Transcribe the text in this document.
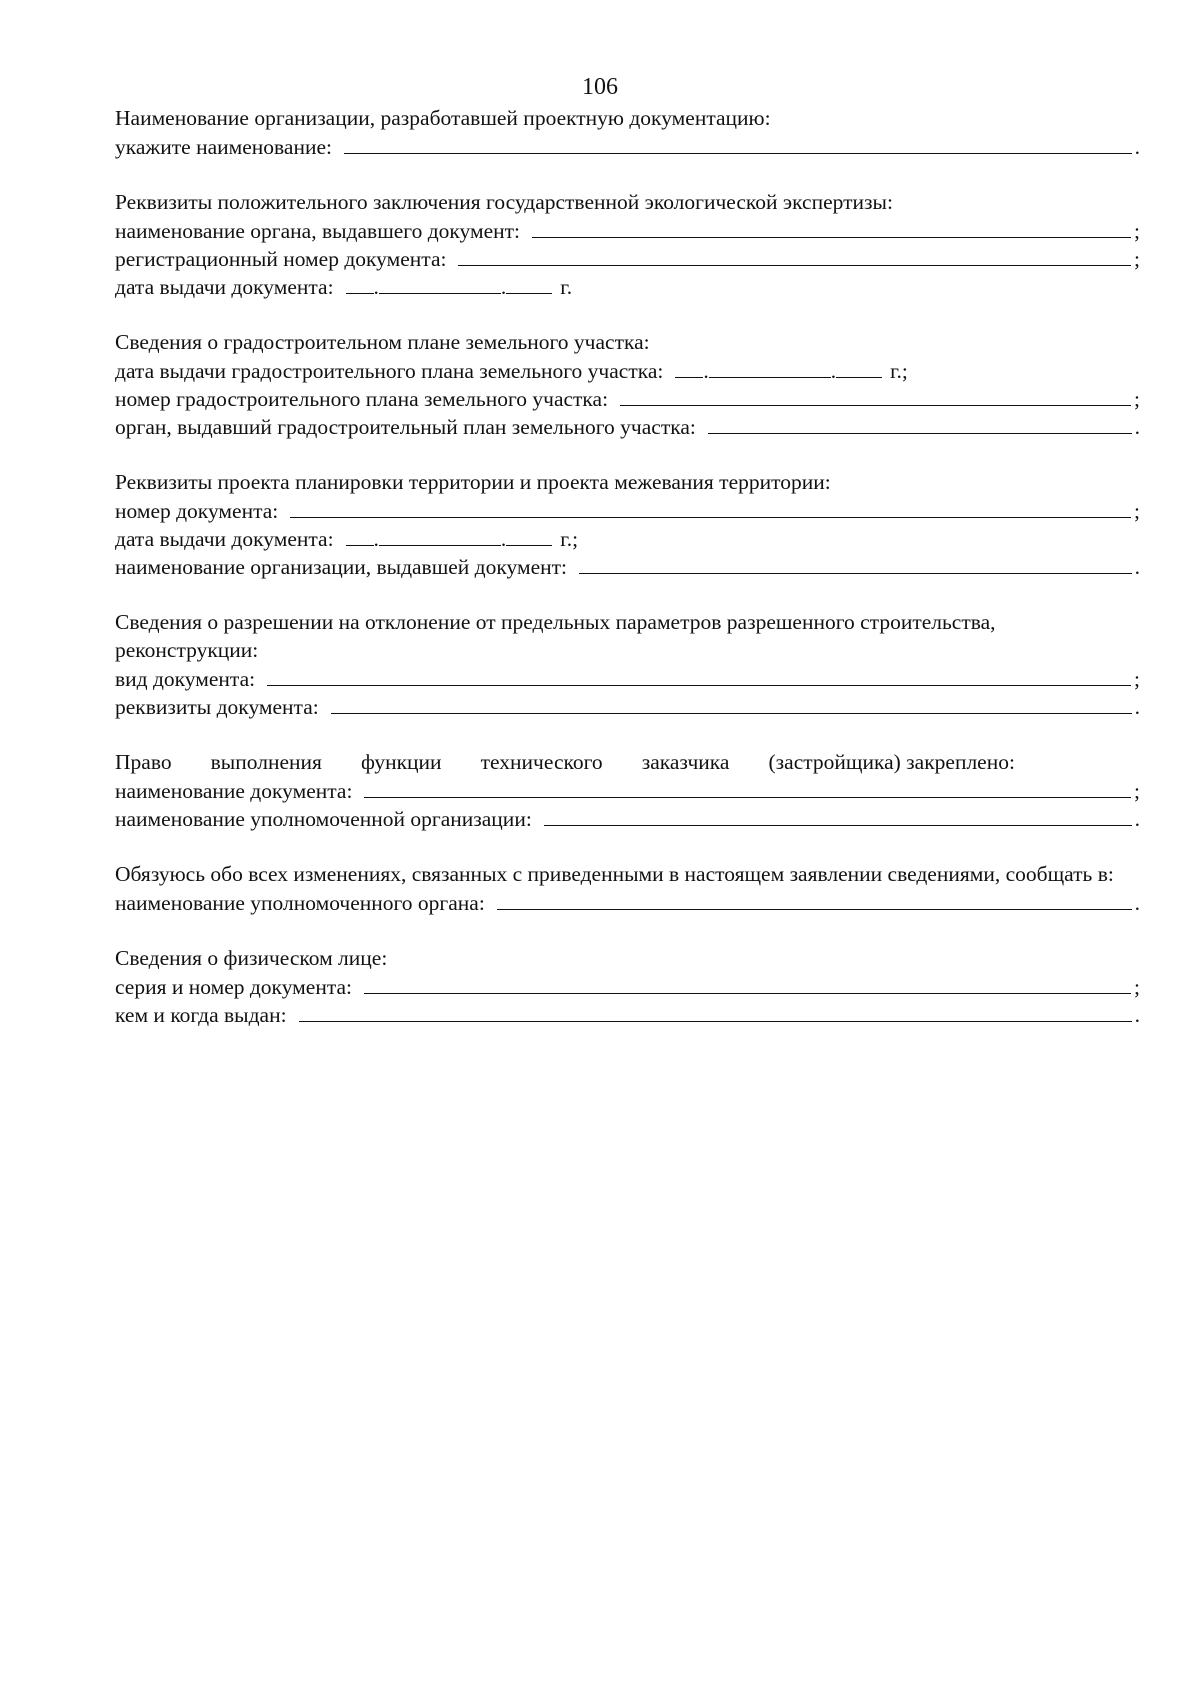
106
Наименование организации, разработавшей проектную документацию:
укажите наименование:	.
Реквизиты положительного заключения государственной экологической экспертизы:
наименование органа, выдавшего документ:	;
регистрационный номер документа:	;
дата выдачи документа: .	.	г.
Сведения о градостроительном плане земельного участка:
дата выдачи градостроительного плана земельного участка: .	.	г.;
номер градостроительного плана земельного участка:	;
орган, выдавший градостроительный план земельного участка:	.
Реквизиты проекта планировки территории и проекта межевания территории:
номер документа:	;
дата выдачи документа: .	.	г.;
наименование организации, выдавшей документ:	.
Сведения о разрешении на отклонение от предельных параметров разрешенного строительства, реконструкции:
вид документа:	;
реквизиты документа:	.
Право выполнения функции технического заказчика (застройщика) закреплено:
наименование документа:	;
наименование уполномоченной организации:	.
Обязуюсь обо всех изменениях, связанных с приведенными в настоящем заявлении сведениями, сообщать в:
наименование уполномоченного органа:	.
Сведения о физическом лице:
серия и номер документа:	;
кем и когда выдан:	.
